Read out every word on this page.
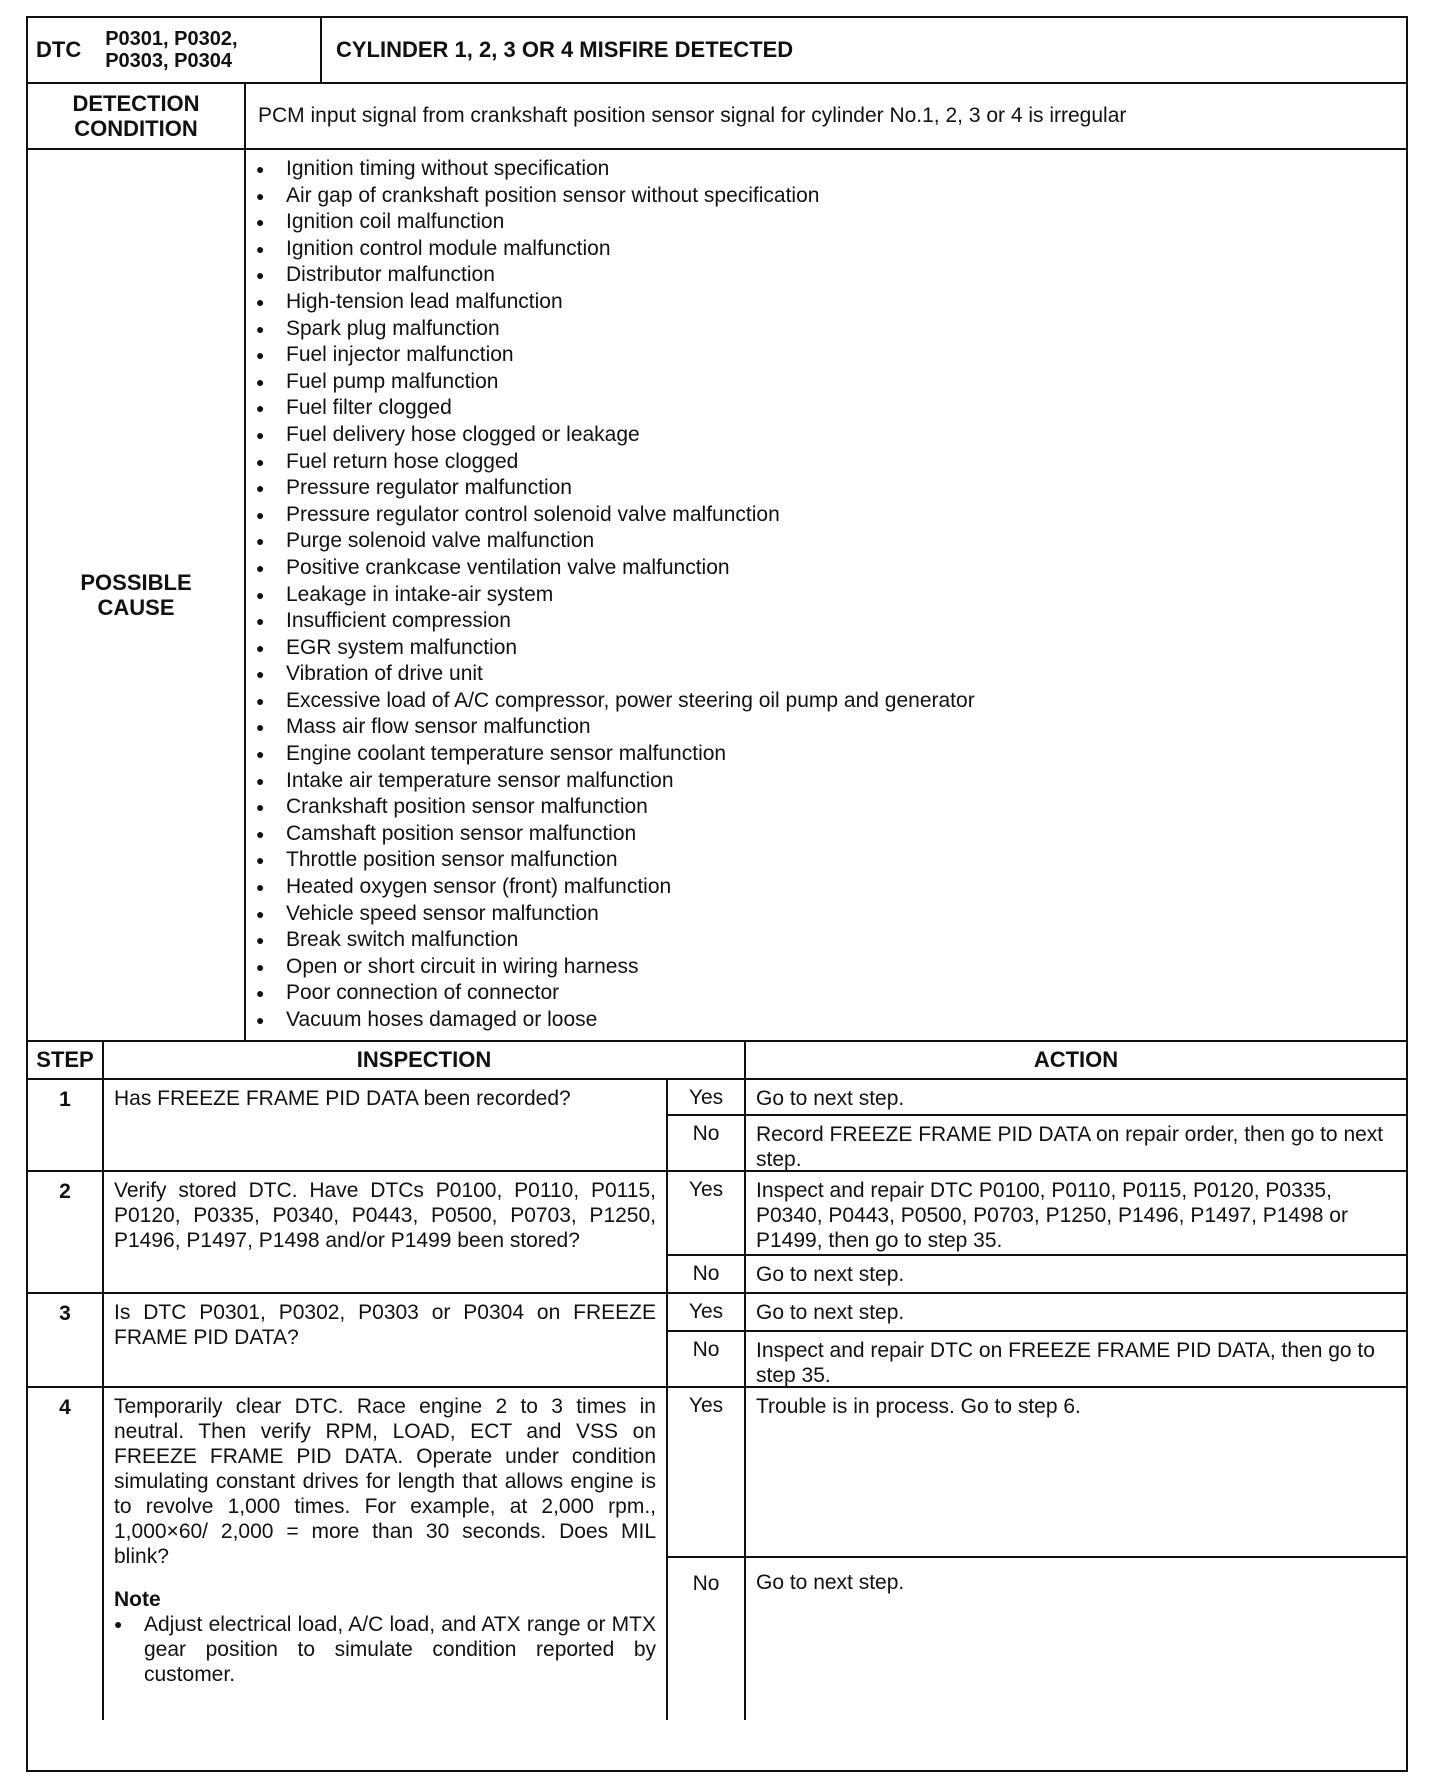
DTC P0301, P0302,
P0303, P0304	CYLINDER 1, 2, 3 OR 4 MISFIRE DETECTED
DETECTION
CONDITION
PCM input signal from crankshaft position sensor signal for cylinder No.1, 2, 3 or 4 is irregular
POSSIBLE
CAUSE
●	Ignition timing without specification
●	Air gap of crankshaft position sensor without specification
●	Ignition coil malfunction
●	Ignition control module malfunction
●	Distributor malfunction
●	High-tension lead malfunction
●	Spark plug malfunction
●	Fuel injector malfunction
●	Fuel pump malfunction
●	Fuel filter clogged
●	Fuel delivery hose clogged or leakage
●	Fuel return hose clogged
●	Pressure regulator malfunction
●	Pressure regulator control solenoid valve malfunction
●	Purge solenoid valve malfunction
●	Positive crankcase ventilation valve malfunction
●	Leakage in intake-air system
●	Insufficient compression
●	EGR system malfunction
●	Vibration of drive unit
●	Excessive load of A/C compressor, power steering oil pump and generator
●	Mass air flow sensor malfunction
●	Engine coolant temperature sensor malfunction
●	Intake air temperature sensor malfunction
●	Crankshaft position sensor malfunction
●	Camshaft position sensor malfunction
●	Throttle position sensor malfunction
●	Heated oxygen sensor (front) malfunction
●	Vehicle speed sensor malfunction
●	Break switch malfunction
●	Open or short circuit in wiring harness
●	Poor connection of connector
●	Vacuum hoses damaged or loose
STEP	INSPECTION	ACTION
1	Has FREEZE FRAME PID DATA been recorded?	Yes	Go to next step.
No	Record FREEZE FRAME PID DATA on repair order, then go to next step.
2	Verify stored DTC. Have DTCs P0100, P0110, P0115, P0120, P0335, P0340, P0443, P0500, P0703, P1250, P1496, P1497, P1498 and/or P1499 been stored?
Yes	Inspect and repair DTC P0100, P0110, P0115, P0120, P0335, P0340, P0443, P0500, P0703, P1250, P1496, P1497, P1498 or P1499, then go to step 35.
No	Go to next step.
3	Is DTC P0301, P0302, P0303 or P0304 on FREEZE FRAME PID DATA?
Yes	Go to next step.
No	Inspect and repair DTC on FREEZE FRAME PID DATA, then go to step 35.
4	Temporarily clear DTC. Race engine 2 to 3 times in neutral. Then verify RPM, LOAD, ECT and VSS on FREEZE FRAME PID DATA. Operate under condition simulating constant drives for length that allows engine is to revolve 1,000 times. For example, at 2,000 rpm., 1,000×60/ 2,000 = more than 30 seconds. Does MIL blink?
Note
●	Adjust electrical load, A/C load, and ATX range or MTX gear position to simulate condition reported by customer.
Yes	Trouble is in process. Go to step 6.
No	Go to next step.
